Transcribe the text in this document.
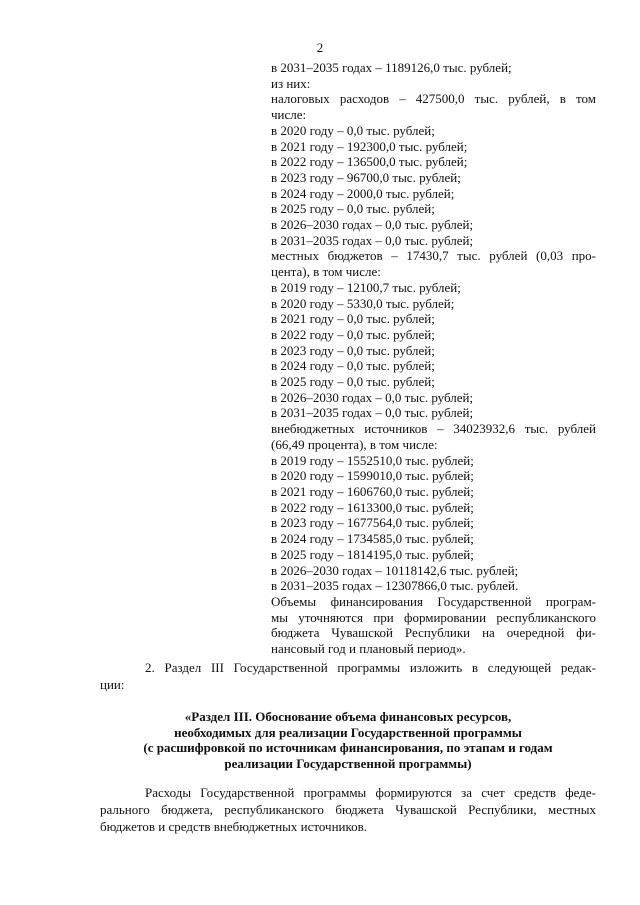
2
в 2031–2035 годах – 1189126,0 тыс. рублей;
из них:
налоговых расходов – 427500,0 тыс. рублей, в том
числе:
в 2020 году – 0,0 тыс. рублей;
в 2021 году – 192300,0 тыс. рублей;
в 2022 году – 136500,0 тыс. рублей;
в 2023 году – 96700,0 тыс. рублей;
в 2024 году – 2000,0 тыс. рублей;
в 2025 году – 0,0 тыс. рублей;
в 2026–2030 годах – 0,0 тыс. рублей;
в 2031–2035 годах – 0,0 тыс. рублей;
местных бюджетов – 17430,7 тыс. рублей (0,03 про-
цента), в том числе:
в 2019 году – 12100,7 тыс. рублей;
в 2020 году – 5330,0 тыс. рублей;
в 2021 году – 0,0 тыс. рублей;
в 2022 году – 0,0 тыс. рублей;
в 2023 году – 0,0 тыс. рублей;
в 2024 году – 0,0 тыс. рублей;
в 2025 году – 0,0 тыс. рублей;
в 2026–2030 годах – 0,0 тыс. рублей;
в 2031–2035 годах – 0,0 тыс. рублей;
внебюджетных источников – 34023932,6 тыс. рублей
(66,49 процента), в том числе:
в 2019 году – 1552510,0 тыс. рублей;
в 2020 году – 1599010,0 тыс. рублей;
в 2021 году – 1606760,0 тыс. рублей;
в 2022 году – 1613300,0 тыс. рублей;
в 2023 году – 1677564,0 тыс. рублей;
в 2024 году – 1734585,0 тыс. рублей;
в 2025 году – 1814195,0 тыс. рублей;
в 2026–2030 годах – 10118142,6 тыс. рублей;
в 2031–2035 годах – 12307866,0 тыс. рублей.
Объемы финансирования Государственной програм-
мы уточняются при формировании республиканского
бюджета Чувашской Республики на очередной фи-
нансовый год и плановый период».
2. Раздел III Государственной программы изложить в следующей редак-
ции:
«Раздел III. Обоснование объема финансовых ресурсов,
необходимых для реализации Государственной программы
(с расшифровкой по источникам финансирования, по этапам и годам
реализации Государственной программы)
Расходы Государственной программы формируются за счет средств феде-
рального бюджета, республиканского бюджета Чувашской Республики, местных
бюджетов и средств внебюджетных источников.
